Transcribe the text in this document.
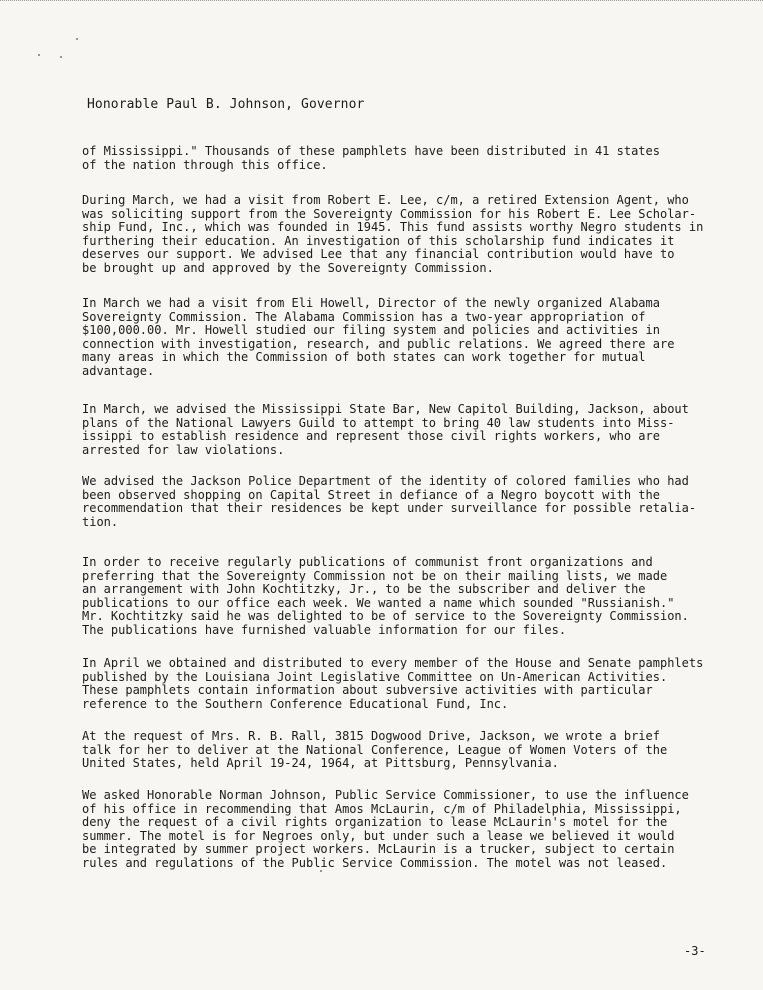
Honorable Paul B. Johnson, Governor
of Mississippi." Thousands of these pamphlets have been distributed in 41 states
of the nation through this office.
During March, we had a visit from Robert E. Lee, c/m, a retired Extension Agent, who
was soliciting support from the Sovereignty Commission for his Robert E. Lee Scholar-
ship Fund, Inc., which was founded in 1945. This fund assists worthy Negro students in
furthering their education. An investigation of this scholarship fund indicates it
deserves our support. We advised Lee that any financial contribution would have to
be brought up and approved by the Sovereignty Commission.
In March we had a visit from Eli Howell, Director of the newly organized Alabama
Sovereignty Commission. The Alabama Commission has a two-year appropriation of
$100,000.00. Mr. Howell studied our filing system and policies and activities in
connection with investigation, research, and public relations. We agreed there are
many areas in which the Commission of both states can work together for mutual
advantage.
In March, we advised the Mississippi State Bar, New Capitol Building, Jackson, about
plans of the National Lawyers Guild to attempt to bring 40 law students into Miss-
issippi to establish residence and represent those civil rights workers, who are
arrested for law violations.
We advised the Jackson Police Department of the identity of colored families who had
been observed shopping on Capital Street in defiance of a Negro boycott with the
recommendation that their residences be kept under surveillance for possible retalia-
tion.
In order to receive regularly publications of communist front organizations and
preferring that the Sovereignty Commission not be on their mailing lists, we made
an arrangement with John Kochtitzky, Jr., to be the subscriber and deliver the
publications to our office each week. We wanted a name which sounded "Russianish."
Mr. Kochtitzky said he was delighted to be of service to the Sovereignty Commission.
The publications have furnished valuable information for our files.
In April we obtained and distributed to every member of the House and Senate pamphlets
published by the Louisiana Joint Legislative Committee on Un-American Activities.
These pamphlets contain information about subversive activities with particular
reference to the Southern Conference Educational Fund, Inc.
At the request of Mrs. R. B. Rall, 3815 Dogwood Drive, Jackson, we wrote a brief
talk for her to deliver at the National Conference, League of Women Voters of the
United States, held April 19-24, 1964, at Pittsburg, Pennsylvania.
We asked Honorable Norman Johnson, Public Service Commissioner, to use the influence
of his office in recommending that Amos McLaurin, c/m of Philadelphia, Mississippi,
deny the request of a civil rights organization to lease McLaurin's motel for the
summer. The motel is for Negroes only, but under such a lease we believed it would
be integrated by summer project workers. McLaurin is a trucker, subject to certain
rules and regulations of the Public Service Commission. The motel was not leased.
-3-
